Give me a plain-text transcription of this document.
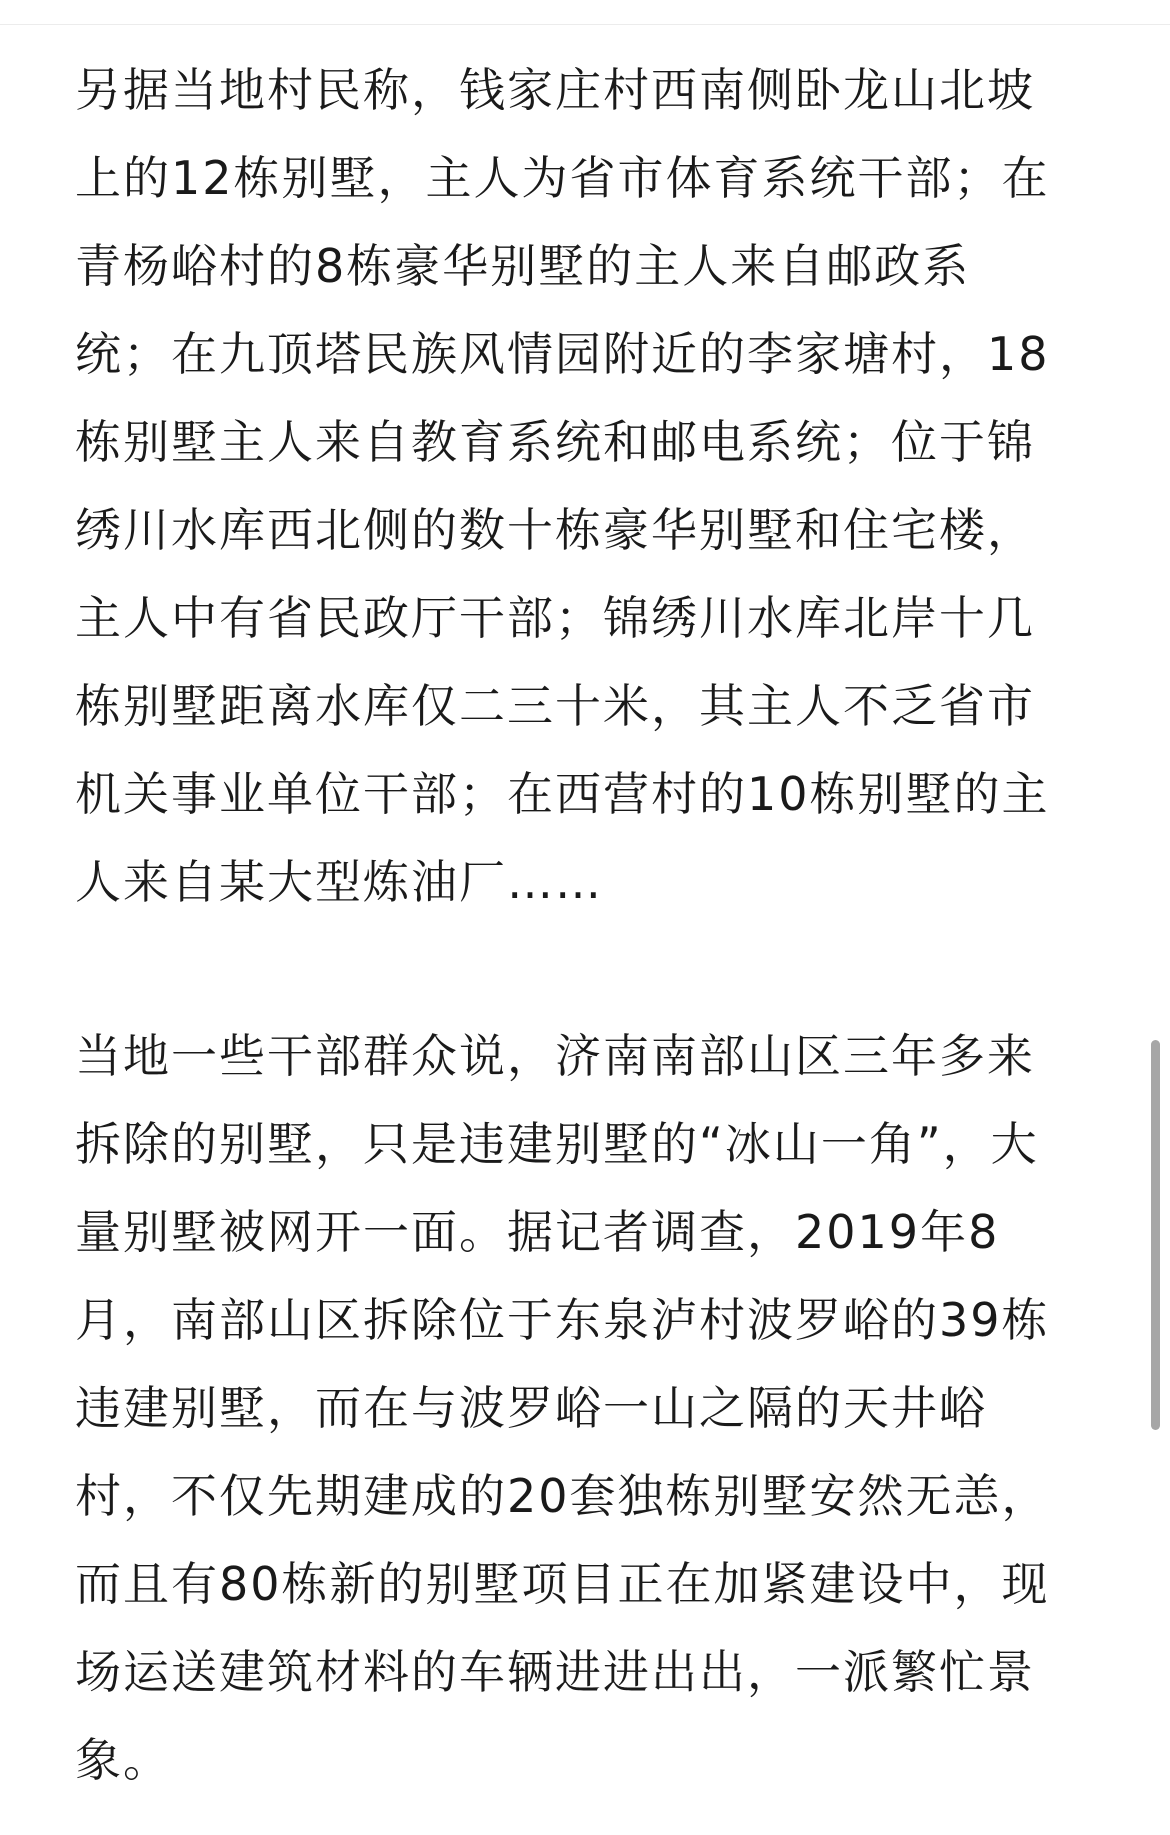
另据当地村民称，钱家庄村西南侧卧龙山北坡
上的12栋别墅，主人为省市体育系统干部；在
青杨峪村的8栋豪华别墅的主人来自邮政系
统；在九顶塔民族风情园附近的李家塘村，18
栋别墅主人来自教育系统和邮电系统；位于锦
绣川水库西北侧的数十栋豪华别墅和住宅楼，
主人中有省民政厅干部；锦绣川水库北岸十几
栋别墅距离水库仅二三十米，其主人不乏省市
机关事业单位干部；在西营村的10栋别墅的主
人来自某大型炼油厂……

当地一些干部群众说，济南南部山区三年多来
拆除的别墅，只是违建别墅的“冰山一角”，大
量别墅被网开一面。据记者调查，2019年8
月，南部山区拆除位于东泉泸村波罗峪的39栋
违建别墅，而在与波罗峪一山之隔的天井峪
村，不仅先期建成的20套独栋别墅安然无恙，
而且有80栋新的别墅项目正在加紧建设中，现
场运送建筑材料的车辆进进出出，一派繁忙景
象。
